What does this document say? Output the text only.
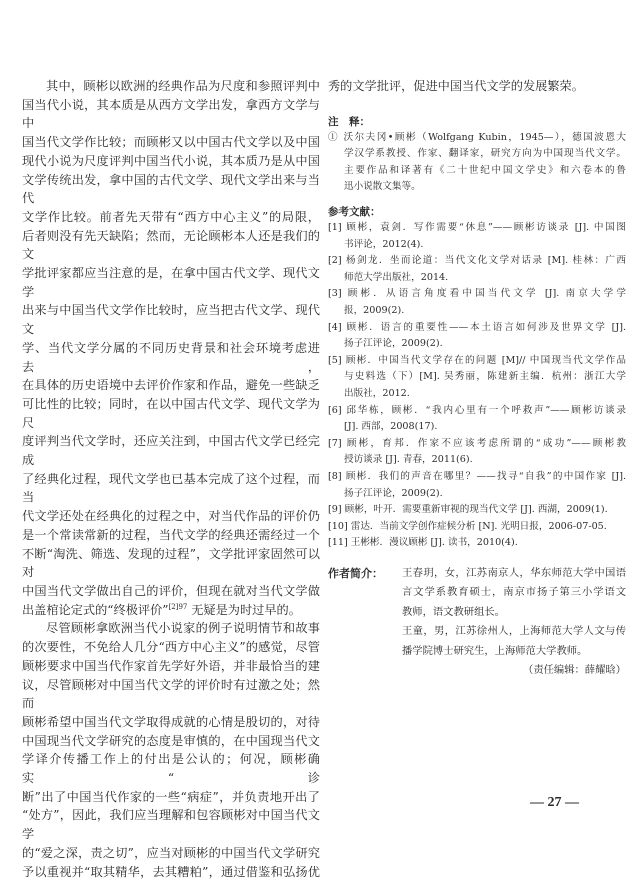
其中，顾彬以欧洲的经典作品为尺度和参照评判中
国当代小说，其本质是从西方文学出发，拿西方文学与中
国当代文学作比较；而顾彬又以中国古代文学以及中国
现代小说为尺度评判中国当代小说，其本质乃是从中国
文学传统出发，拿中国的古代文学、现代文学出来与当代
文学作比较。前者先天带有“西方中心主义”的局限，
后者则没有先天缺陷；然而，无论顾彬本人还是我们的文
学批评家都应当注意的是，在拿中国古代文学、现代文学
出来与中国当代文学作比较时，应当把古代文学、现代文
学、当代文学分属的不同历史背景和社会环境考虑进去，
在具体的历史语境中去评价作家和作品，避免一些缺乏
可比性的比较；同时，在以中国古代文学、现代文学为尺
度评判当代文学时，还应关注到，中国古代文学已经完成
了经典化过程，现代文学也已基本完成了这个过程，而当
代文学还处在经典化的过程之中，对当代作品的评价仍
是一个常读常新的过程，当代文学的经典还需经过一个
不断“淘洗、筛选、发现的过程”，文学批评家固然可以对
中国当代文学做出自己的评价，但现在就对当代文学做
出盖棺论定式的“终极评价”$^{[2]97}$ 无疑是为时过早的。
尽管顾彬拿欧洲当代小说家的例子说明情节和故事
的次要性，不免给人几分“西方中心主义”的感觉，尽管
顾彬要求中国当代作家首先学好外语，并非最恰当的建
议，尽管顾彬对中国当代文学的评价时有过激之处；然而
顾彬希望中国当代文学取得成就的心情是殷切的，对待
中国现当代文学研究的态度是审慎的，在中国现当代文
学译介传播工作上的付出是公认的；何况，顾彬确实“诊
断”出了中国当代作家的一些“病症”，并负责地开出了
“处方”，因此，我们应当理解和包容顾彬对中国当代文学
的“爱之深，责之切”，应当对顾彬的中国当代文学研究
予以重视并“取其精华，去其糟粕”，通过借鉴和弘扬优
秀的文学批评，促进中国当代文学的发展繁荣。
注　释：
① 沃尔夫冈•顾彬（Wolfgang Kubin，1945—），德国波恩大
学汉学系教授、作家、翻译家，研究方向为中国现当代文学。
主要作品和译著有《二十世纪中国文学史》和六卷本的鲁
迅小说散文集等。
参考文献：
[1] 顾彬，袁剑．写作需要“休息”——顾彬访谈录 [J]. 中国图
书评论，2012(4).
[2] 杨剑龙．坐而论道：当代文化文学对话录 [M]. 桂林：广西
师范大学出版社，2014.
[3] 顾彬．从语言角度看中国当代文学 [J]. 南京大学学
报，2009(2).
[4] 顾彬．语言的重要性——本土语言如何涉及世界文学 [J].
扬子江评论，2009(2).
[5] 顾彬．中国当代文学存在的问题 [M]// 中国现当代文学作品
与史料选（下）[M]. 吴秀丽，陈建新主编．杭州：浙江大学
出版社，2012.
[6] 邱华栋，顾彬．“我内心里有一个呼救声”——顾彬访谈录
[J]. 西部，2008(17).
[7] 顾彬，育邦．作家不应该考虑所谓的“成功”——顾彬教
授访谈录 [J]. 青春，2011(6).
[8] 顾彬．我们的声音在哪里？——找寻“自我”的中国作家 [J].
扬子江评论，2009(2).
[9] 顾彬，叶开．需要重新审视的现当代文学 [J]. 西湖，2009(1).
[10] 雷达．当前文学创作症候分析 [N]. 光明日报，2006-07-05.
[11] 王彬彬．漫议顾彬 [J]. 读书，2010(4).
作者简介： 王春玥，女，江苏南京人，华东师范大学中国语
言文学系教育硕士，南京市扬子第三小学语文
教师，语文教研组长。
王童，男，江苏徐州人，上海师范大学人文与传
播学院博士研究生，上海师范大学教师。
（责任编辑：薛耀晗）
— 27 —
